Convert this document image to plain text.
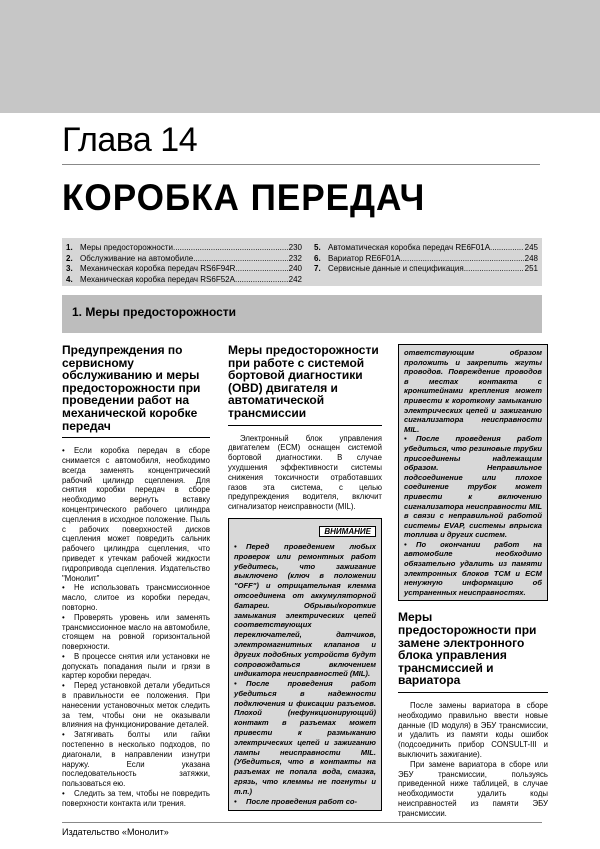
Глава 14
КОРОБКА ПЕРЕДАЧ
1. Меры предосторожности .....	230
2. Обслуживание на автомобиле .....	232
3. Механическая коробка передач RS6F94R .....	240
4. Механическая коробка передач RS6F52A .....	242
5. Автоматическая коробка передач RE6F01A .....	245
6. Вариатор RE6F01A .....	248
7. Сервисные данные и спецификация .....	251
1. Меры предосторожности
Предупреждения по сервисному обслуживанию и меры предосторожности при проведении работ на механической коробке передач

• Если коробка передач в сборе снимается с автомобиля, необходимо всегда заменять концентрический рабочий цилиндр сцепления. Для снятия коробки передач в сборе необходимо вернуть вставку концентрического рабочего цилиндра сцепления в исходное положение. Пыль с рабочих поверхностей дисков сцепления может повредить сальник рабочего цилиндра сцепления, что приведет к утечкам рабочей жидкости гидропривода сцепления. Издательство "Монолит"

• Не использовать трансмиссионное масло, слитое из коробки передач, повторно.

• Проверять уровень или заменять трансмиссионное масло на автомобиле, стоящем на ровной горизонтальной поверхности.

• В процессе снятия или установки не допускать попадания пыли и грязи в картер коробки передач.

• Перед установкой детали убедиться в правильности ее положения. При нанесении установочных меток следить за тем, чтобы они не оказывали влияния на функционирование деталей.

• Затягивать болты или гайки постепенно в несколько подходов, по диагонали, в направлении изнутри наружу. Если указана последовательность затяжки, пользоваться ею.

• Следить за тем, чтобы не повредить поверхности контакта или трения.

Меры предосторожности при работе с системой бортовой диагностики (OBD) двигателя и автоматической трансмиссии

Электронный блок управления двигателем (ECM) оснащен системой бортовой диагностики. В случае ухудшения эффективности системы снижения токсичности отработавших газов эта система, с целью предупреждения водителя, включит сигнализатор неисправности (MIL).

ВНИМАНИЕ

• Перед проведением любых проверок или ремонтных работ убедитесь, что зажигание выключено (ключ в положении "OFF") и отрицательная клемма отсоединена от аккумуляторной батареи. Обрывы/короткие замыкания электрических цепей соответствующих переключателей, датчиков, электромагнитных клапанов и других подобных устройств будут сопровождаться включением индикатора неисправностей (MIL).

• После проведения работ убедиться в надежности подключения и фиксации разъемов. Плохой (нефункционирующий) контакт в разъемах может привести к размыканию электрических цепей и зажиганию лампы неисправности MIL. (Убедиться, что в контакты на разъемах не попала вода, смазка, грязь, что клеммы не погнуты и т.п.)

• После проведения работ со-

ответствующим образом проложить и закрепить жгуты проводов. Повреждение проводов в местах контакта с кронштейнами крепления может привести к короткому замыканию электрических цепей и зажиганию сигнализатора неисправности MIL.

• После проведения работ убедиться, что резиновые трубки присоединены надлежащим образом. Неправильное подсоединение или плохое соединение трубок может привести к включению сигнализатора неисправности MIL в связи с неправильной работой системы EVAP, системы впрыска топлива и других систем.

• По окончании работ на автомобиле необходимо обязательно удалить из памяти электронных блоков TCM и ECM ненужную информацию об устраненных неисправностях.

Меры предосторожности при замене электронного блока управления трансмиссией и вариатора

После замены вариатора в сборе необходимо правильно ввести новые данные (ID модуля) в ЭБУ трансмиссии, и удалить из памяти коды ошибок (подсоединить прибор CONSULT-III и выключить зажигание).

При замене вариатора в сборе или ЭБУ трансмиссии, пользуясь приведенной ниже таблицей, в случае необходимости удалить коды неисправностей из памяти ЭБУ трансмиссии.

Издательство «Монолит»
